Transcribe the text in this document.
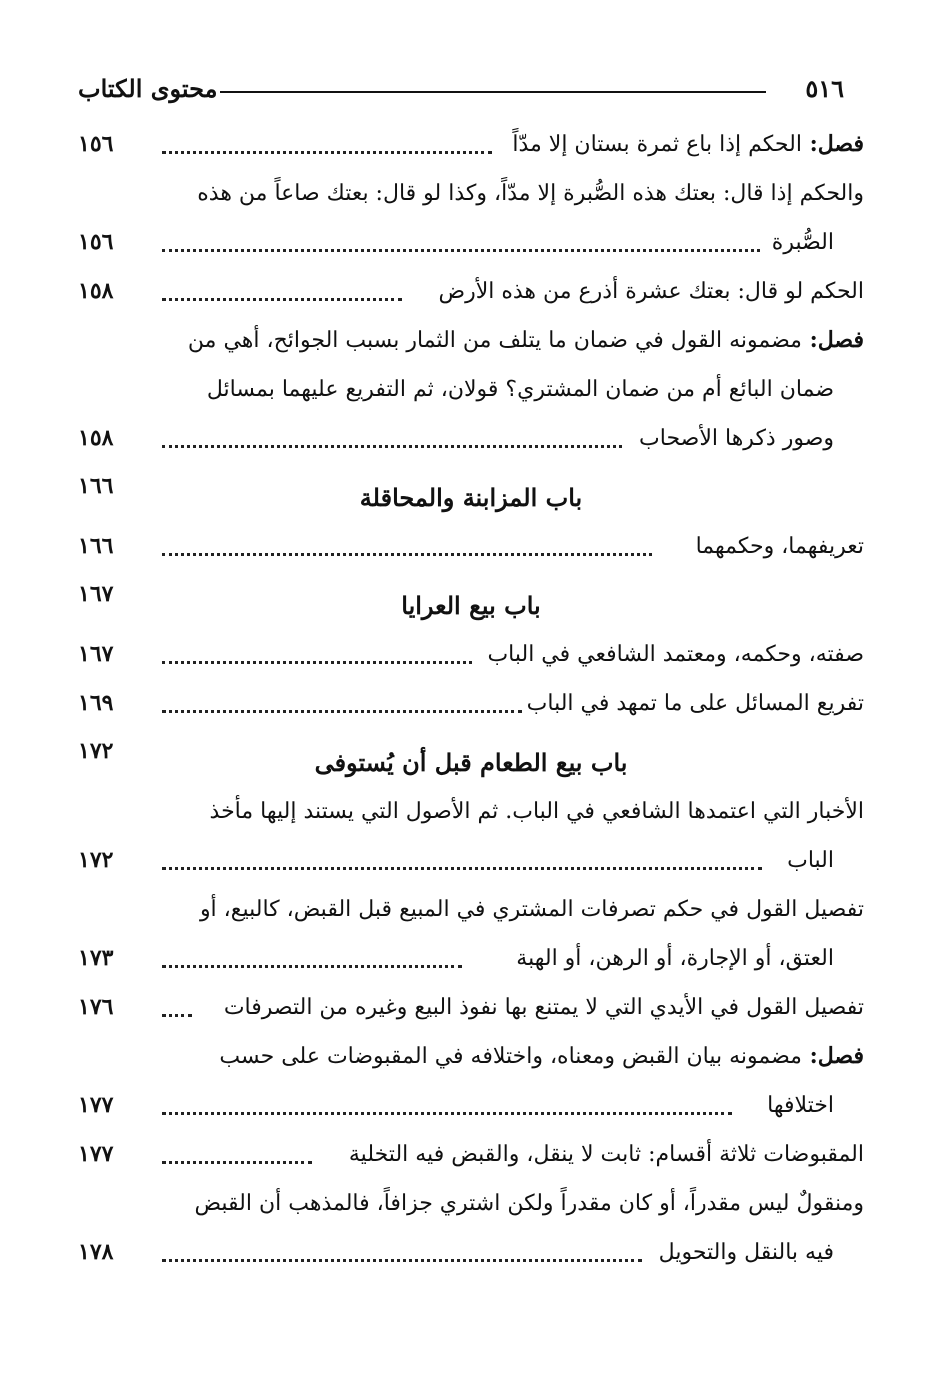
٥١٦
محتوى الكتاب
فصل: الحكم إذا باع ثمرة بستان إلا مدّاً
١٥٦
والحكم إذا قال: بعتك هذه الصُّبرة إلا مدّاً، وكذا لو قال: بعتك صاعاً من هذه
الصُّبرة
١٥٦
الحكم لو قال: بعتك عشرة أذرع من هذه الأرض
١٥٨
فصل: مضمونه القول في ضمان ما يتلف من الثمار بسبب الجوائح، أهي من
ضمان البائع أم من ضمان المشتري؟ قولان، ثم التفريع عليهما بمسائل
وصور ذكرها الأصحاب
١٥٨
باب المزابنة والمحاقلة
١٦٦
تعريفهما، وحكمهما
١٦٦
باب بيع العرايا
١٦٧
صفته، وحكمه، ومعتمد الشافعي في الباب
١٦٧
تفريع المسائل على ما تمهد في الباب
١٦٩
باب بيع الطعام قبل أن يُستوفى
١٧٢
الأخبار التي اعتمدها الشافعي في الباب. ثم الأصول التي يستند إليها مأخذ
الباب
١٧٢
تفصيل القول في حكم تصرفات المشتري في المبيع قبل القبض، كالبيع، أو
العتق، أو الإجارة، أو الرهن، أو الهبة
١٧٣
تفصيل القول في الأيدي التي لا يمتنع بها نفوذ البيع وغيره من التصرفات
١٧٦
فصل: مضمونه بيان القبض ومعناه، واختلافه في المقبوضات على حسب
اختلافها
١٧٧
المقبوضات ثلاثة أقسام: ثابت لا ينقل، والقبض فيه التخلية
١٧٧
ومنقولٌ ليس مقدراً، أو كان مقدراً ولكن اشتري جزافاً، فالمذهب أن القبض
فيه بالنقل والتحويل
١٧٨
